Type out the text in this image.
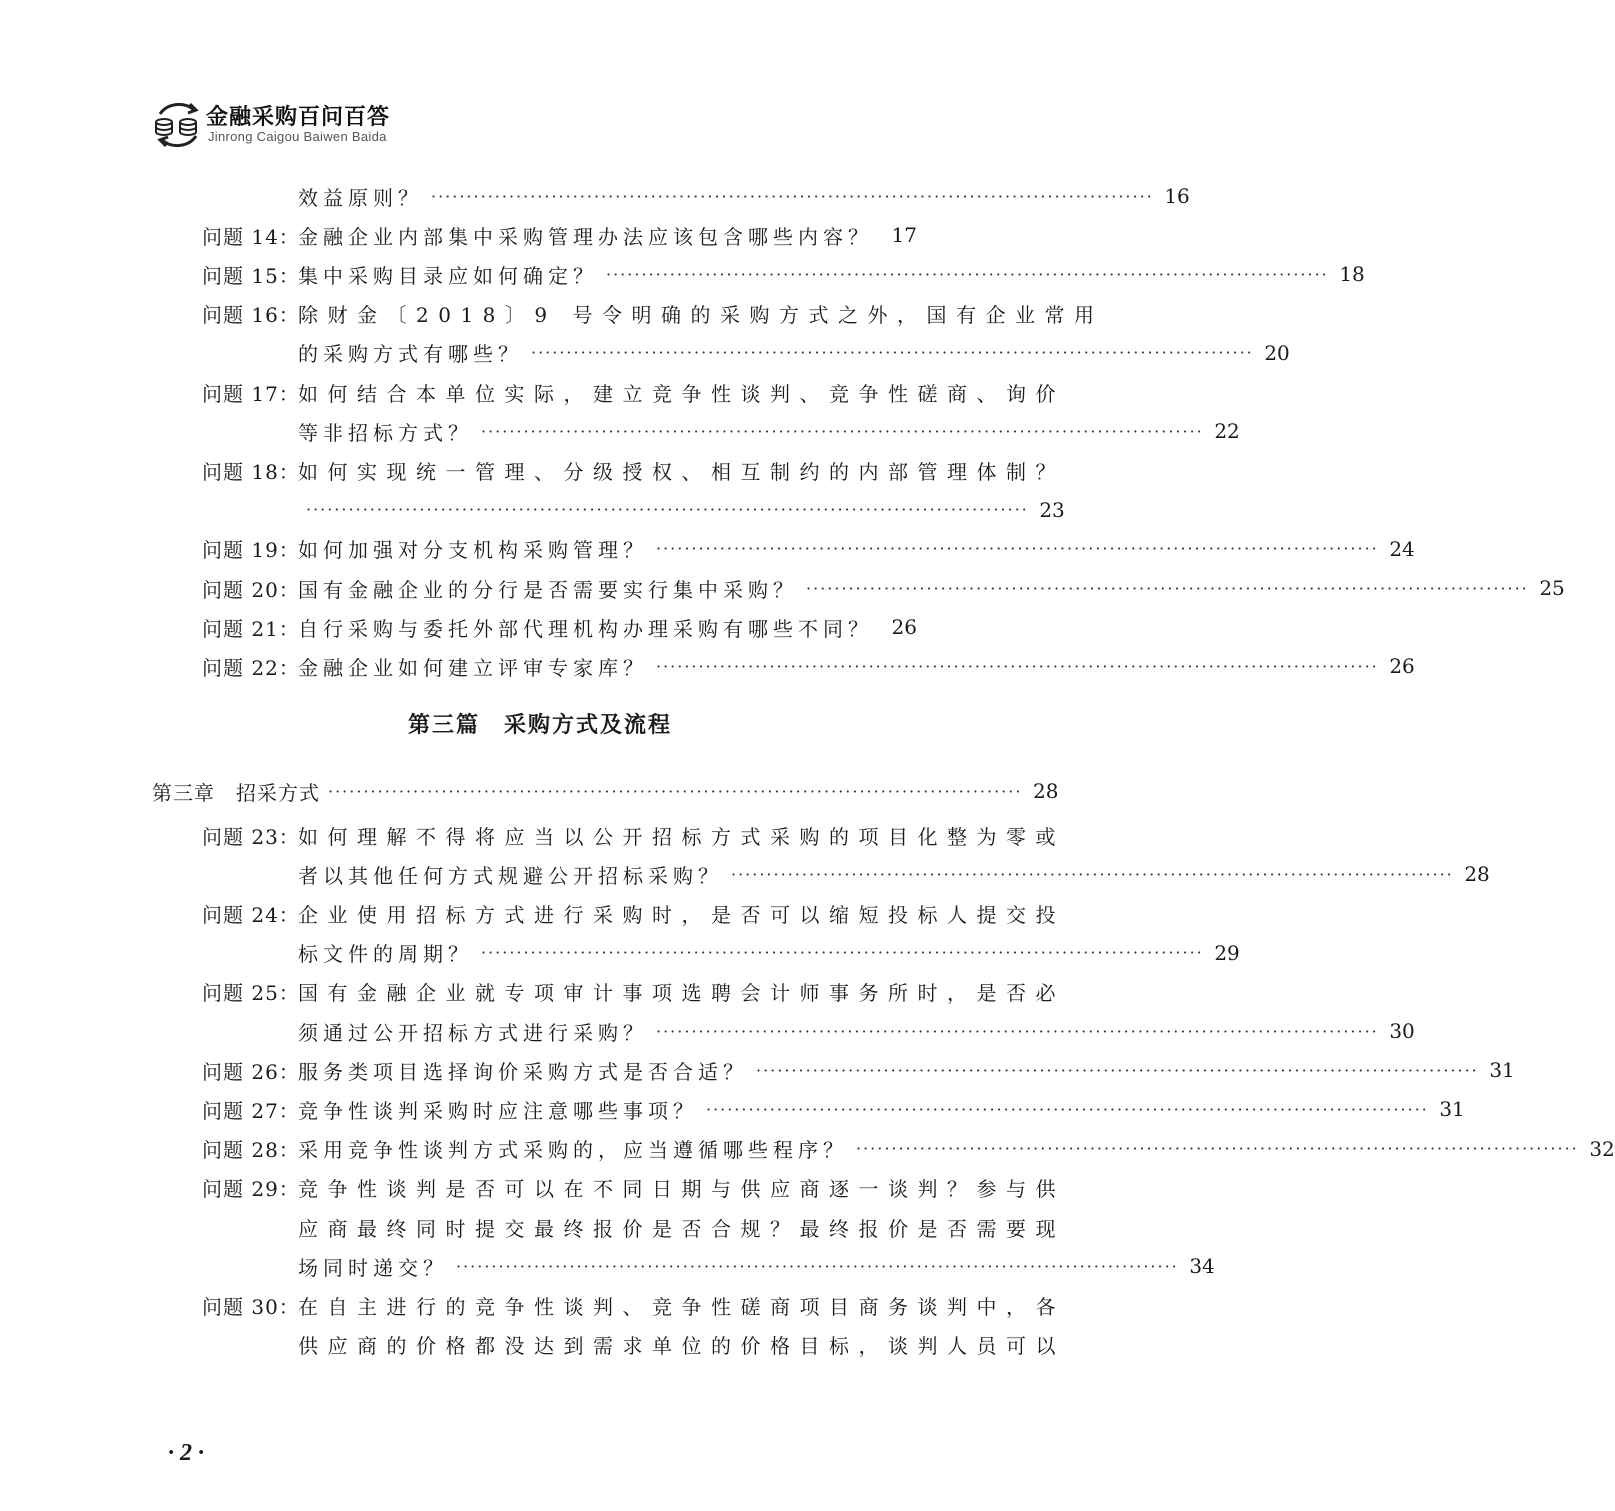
金融采购百问百答
Jinrong Caigou Baiwen Baida
效益原则？ ······································································································ 16
问题 14：
金融企业内部集中采购管理办法应该包含哪些内容？ 17
问题 15：
集中采购目录应如何确定？ ······································································································ 18
问题 16：
除财金〔2018〕9 号令明确的采购方式之外，国有企业常用
的采购方式有哪些？ ······································································································ 20
问题 17：
如何结合本单位实际，建立竞争性谈判、竞争性磋商、询价
等非招标方式？ ······································································································ 22
问题 18：
如何实现统一管理、分级授权、相互制约的内部管理体制？
······································································································ 23
问题 19：
如何加强对分支机构采购管理？ ······································································································ 24
问题 20：
国有金融企业的分行是否需要实行集中采购？ ······································································································ 25
问题 21：
自行采购与委托外部代理机构办理采购有哪些不同？ 26
问题 22：
金融企业如何建立评审专家库？ ······································································································ 26
第三篇　采购方式及流程
第三章　招采方式 ·································································································· 28
问题 23：
如何理解不得将应当以公开招标方式采购的项目化整为零或
者以其他任何方式规避公开招标采购？ ······································································································ 28
问题 24：
企业使用招标方式进行采购时，是否可以缩短投标人提交投
标文件的周期？ ······································································································ 29
问题 25：
国有金融企业就专项审计事项选聘会计师事务所时，是否必
须通过公开招标方式进行采购？ ······································································································ 30
问题 26：
服务类项目选择询价采购方式是否合适？ ······································································································ 31
问题 27：
竞争性谈判采购时应注意哪些事项？ ······································································································ 31
问题 28：
采用竞争性谈判方式采购的，应当遵循哪些程序？ ······································································································ 32
问题 29：
竞争性谈判是否可以在不同日期与供应商逐一谈判？参与供
应商最终同时提交最终报价是否合规？最终报价是否需要现
场同时递交？ ······································································································ 34
问题 30：
在自主进行的竞争性谈判、竞争性磋商项目商务谈判中，各
供应商的价格都没达到需求单位的价格目标，谈判人员可以
· 2 ·
